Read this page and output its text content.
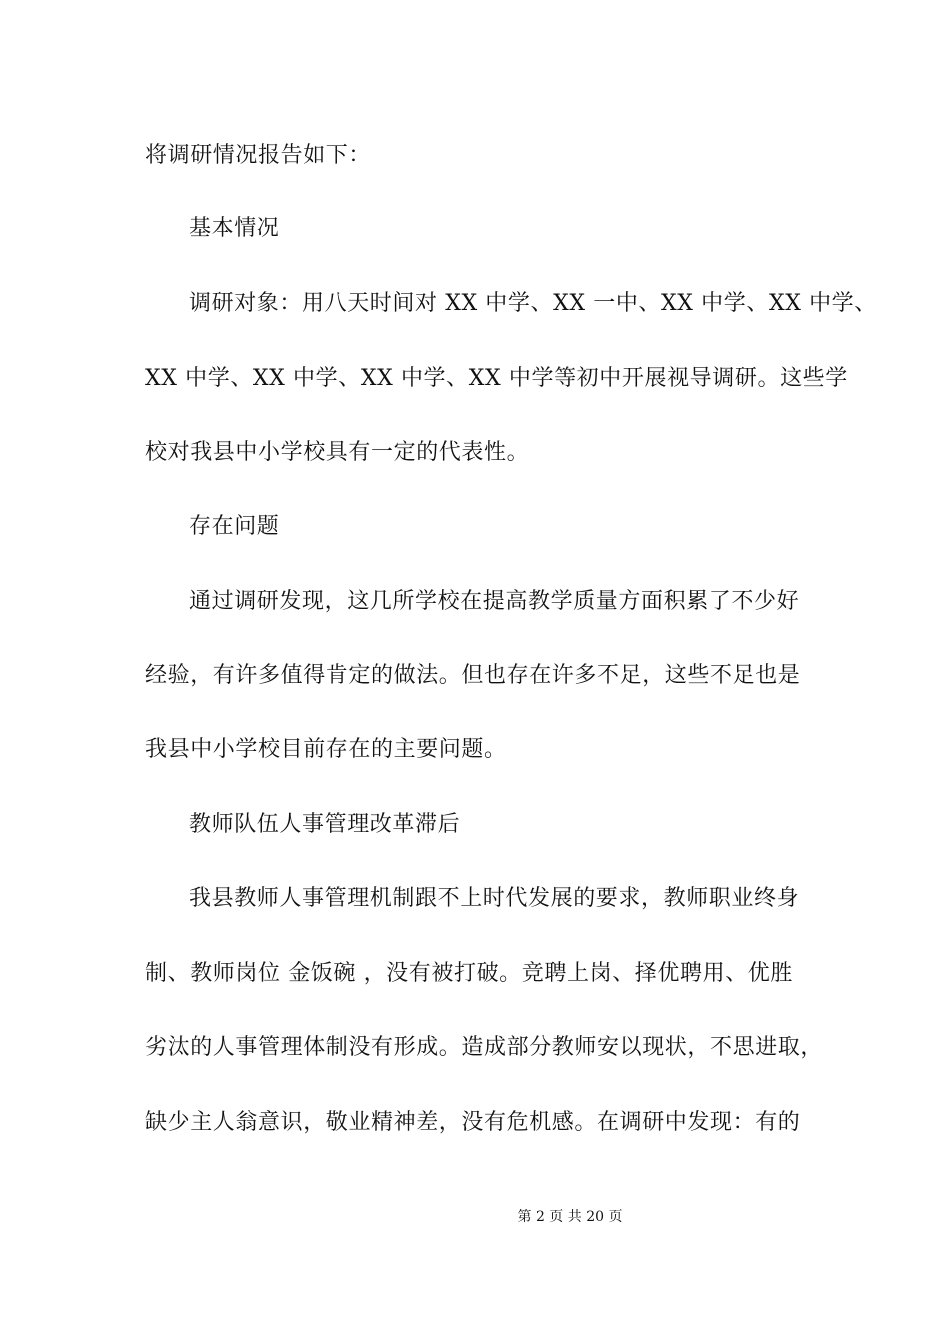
将调研情况报告如下：
基本情况
调研对象：用八天时间对 XX 中学、XX 一中、XX 中学、XX 中学、
XX 中学、XX 中学、XX 中学、XX 中学等初中开展视导调研。这些学
校对我县中小学校具有一定的代表性。
存在问题
通过调研发现，这几所学校在提高教学质量方面积累了不少好
经验，有许多值得肯定的做法。但也存在许多不足，这些不足也是
我县中小学校目前存在的主要问题。
教师队伍人事管理改革滞后
我县教师人事管理机制跟不上时代发展的要求，教师职业终身
制、教师岗位 金饭碗 ，没有被打破。竞聘上岗、择优聘用、优胜
劣汰的人事管理体制没有形成。造成部分教师安以现状，不思进取，
缺少主人翁意识，敬业精神差，没有危机感。在调研中发现：有的
第 2 页 共 20 页
